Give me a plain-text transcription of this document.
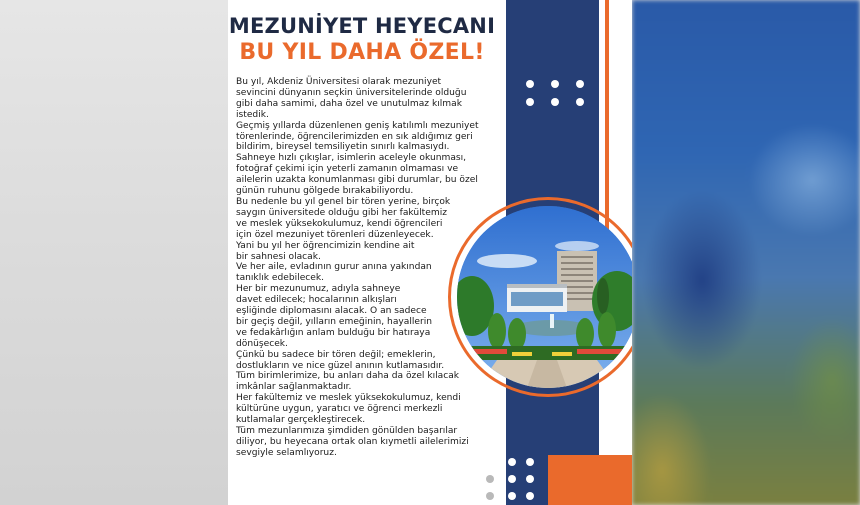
MEZUNİYET HEYECANI
BU YIL DAHA ÖZEL!

Bu yıl, Akdeniz Üniversitesi olarak mezuniyet
sevincini dünyanın seçkin üniversitelerinde olduğu
gibi daha samimi, daha özel ve unutulmaz kılmak
istedik.
Geçmiş yıllarda düzenlenen geniş katılımlı mezuniyet
törenlerinde, öğrencilerimizden en sık aldığımız geri
bildirim, bireysel temsiliyetin sınırlı kalmasıydı.
Sahneye hızlı çıkışlar, isimlerin aceleyle okunması,
fotoğraf çekimi için yeterli zamanın olmaması ve
ailelerin uzakta konumlanması gibi durumlar, bu özel
günün ruhunu gölgede bırakabiliyordu.
Bu nedenle bu yıl genel bir tören yerine, birçok
saygın üniversitede olduğu gibi her fakültemiz
ve meslek yüksekokulumuz, kendi öğrencileri
için özel mezuniyet törenleri düzenleyecek.
Yani bu yıl her öğrencimizin kendine ait
bir sahnesi olacak.
Ve her aile, evladının gurur anına yakından
tanıklık edebilecek.
Her bir mezunumuz, adıyla sahneye
davet edilecek; hocalarının alkışları
eşliğinde diplomasını alacak. O an sadece
bir geçiş değil, yılların emeğinin, hayallerin
ve fedakârlığın anlam bulduğu bir hatıraya
dönüşecek.
Çünkü bu sadece bir tören değil; emeklerin,
dostlukların ve nice güzel anının kutlamasıdır.
Tüm birimlerimize, bu anları daha da özel kılacak
imkânlar sağlanmaktadır.
Her fakültemiz ve meslek yüksekokulumuz, kendi
kültürüne uygun, yaratıcı ve öğrenci merkezli
kutlamalar gerçekleştirecek.
Tüm mezunlarımıza şimdiden gönülden başarılar
diliyor, bu heyecana ortak olan kıymetli ailelerimizi
sevgiyle selamlıyoruz.
